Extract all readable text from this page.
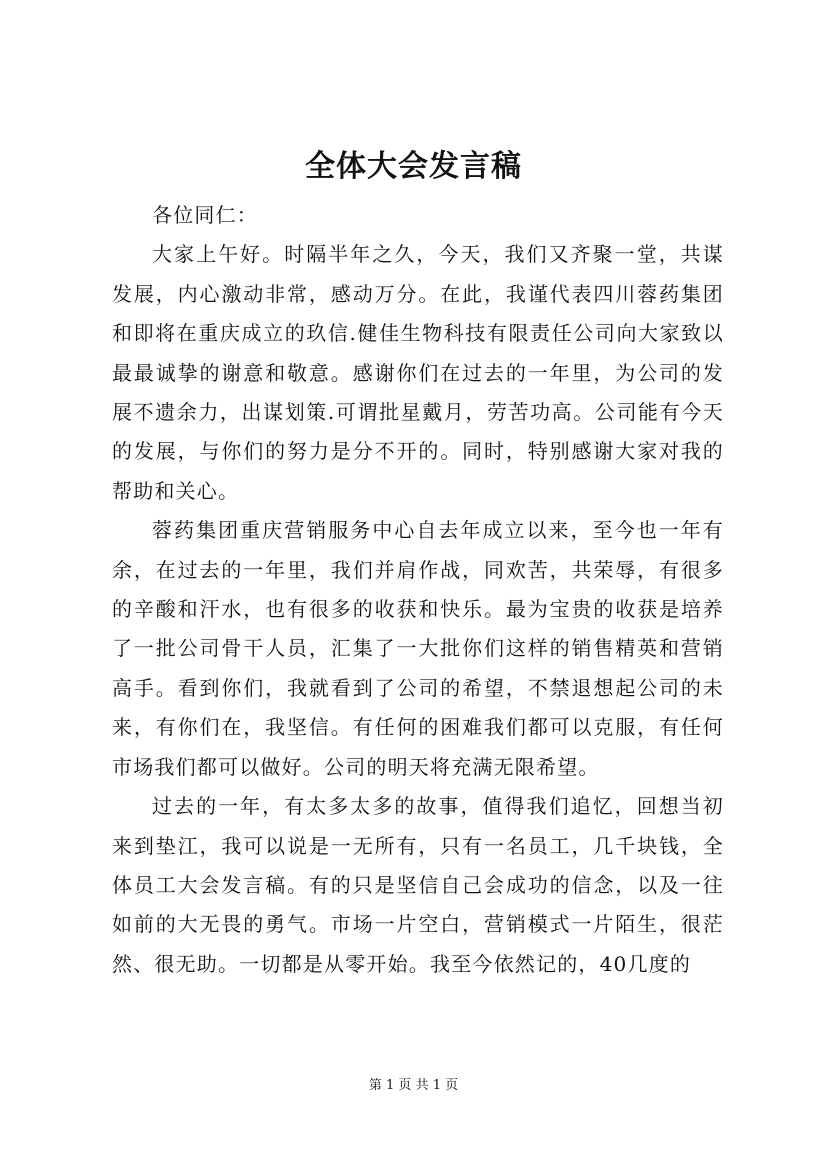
全体大会发言稿

各位同仁：

大家上午好。时隔半年之久，今天，我们又齐聚一堂，共谋发展，内心激动非常，感动万分。在此，我谨代表四川蓉药集团和即将在重庆成立的玖信.健佳生物科技有限责任公司向大家致以最最诚挚的谢意和敬意。感谢你们在过去的一年里，为公司的发展不遗余力，出谋划策.可谓批星戴月，劳苦功高。公司能有今天的发展，与你们的努力是分不开的。同时，特别感谢大家对我的帮助和关心。

蓉药集团重庆营销服务中心自去年成立以来，至今也一年有余，在过去的一年里，我们并肩作战，同欢苦，共荣辱，有很多的辛酸和汗水，也有很多的收获和快乐。最为宝贵的收获是培养了一批公司骨干人员，汇集了一大批你们这样的销售精英和营销高手。看到你们，我就看到了公司的希望，不禁退想起公司的未来，有你们在，我坚信。有任何的困难我们都可以克服，有任何市场我们都可以做好。公司的明天将充满无限希望。

过去的一年，有太多太多的故事，值得我们追忆，回想当初来到垫江，我可以说是一无所有，只有一名员工，几千块钱，全体员工大会发言稿。有的只是坚信自己会成功的信念，以及一往如前的大无畏的勇气。市场一片空白，营销模式一片陌生，很茫然、很无助。一切都是从零开始。我至今依然记的，40几度的

第 1 页 共 1 页
